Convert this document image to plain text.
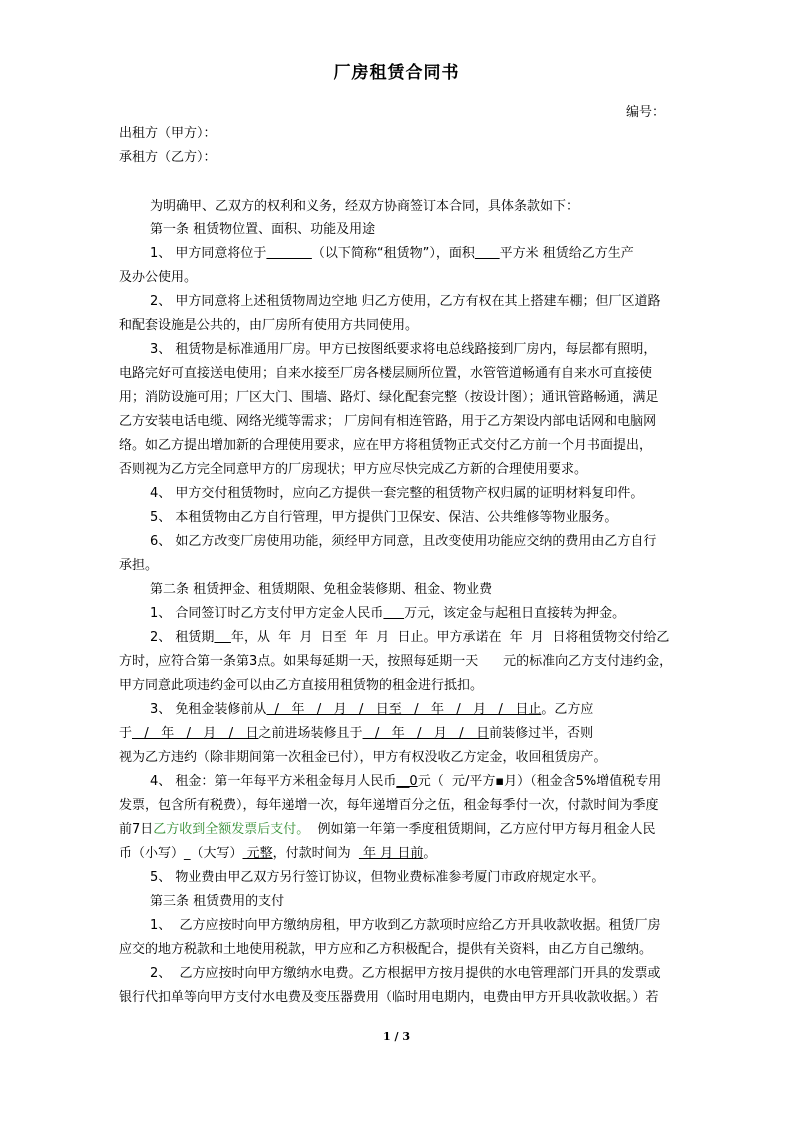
厂房租赁合同书
编号：
出租方（甲方）：
承租方（乙方）：
为明确甲、乙双方的权利和义务，经双方协商签订本合同，具体条款如下：
第一条 租赁物位置、面积、功能及用途
1、 甲方同意将位于	（以下简称“租赁物”），面积 平方米 租赁给乙方生产
及办公使用。
2、 甲方同意将上述租赁物周边空地 归乙方使用，乙方有权在其上搭建车棚；但厂区道路
和配套设施是公共的，由厂房所有使用方共同使用。
3、 租赁物是标准通用厂房。甲方已按图纸要求将电总线路接到厂房内，每层都有照明，
电路完好可直接送电使用；自来水接至厂房各楼层厕所位置，水管管道畅通有自来水可直接使
用；消防设施可用；厂区大门、围墙、路灯、绿化配套完整（按设计图）；通讯管路畅通，满足
乙方安装电话电缆、网络光缆等需求； 厂房间有相连管路，用于乙方架设内部电话网和电脑网
络。如乙方提出增加新的合理使用要求，应在甲方将租赁物正式交付乙方前一个月书面提出，
否则视为乙方完全同意甲方的厂房现状；甲方应尽快完成乙方新的合理使用要求。
4、 甲方交付租赁物时，应向乙方提供一套完整的租赁物产权归属的证明材料复印件。
5、 本租赁物由乙方自行管理，甲方提供门卫保安、保洁、公共维修等物业服务。
6、 如乙方改变厂房使用功能，须经甲方同意，且改变使用功能应交纳的费用由乙方自行
承担。
第二条 租赁押金、租赁期限、免租金装修期、租金、物业费
1、 合同签订时乙方支付甲方定金人民币 万元，该定金与起租日直接转为押金。
2、 租赁期 年，从  年  月  日至  年  月  日止。甲方承诺在  年  月  日将租赁物交付给乙
方时，应符合第一条第3点。如果每延期一天，按照每延期一天      元的标准向乙方支付违约金，
甲方同意此项违约金可以由乙方直接用租赁物的租金进行抵扣。
3、 免租金装修前从  /   年   /   月   /   日至   /   年   /   月   /   日止。乙方应
于   /   年   /   月   /   日之前进场装修且于   /   年   /   月   /   日前装修过半，否则
视为乙方违约（除非期间第一次租金已付），甲方有权没收乙方定金，收回租赁房产。
4、 租金：第一年每平方米租金每月人民币__0元（  元/平方▪月）（租金含5%增值税专用
发票，包含所有税费），每年递增一次，每年递增百分之伍，租金每季付一次，付款时间为季度
前7日乙方收到全额发票后支付。  例如第一年第一季度租赁期间，乙方应付甲方每月租金人民
币（小写）_（大写） 元整，付款时间为   年 月 日前。
5、 物业费由甲乙双方另行签订协议，但物业费标准参考厦门市政府规定水平。
第三条 租赁费用的支付
1、  乙方应按时向甲方缴纳房租，甲方收到乙方款项时应给乙方开具收款收据。租赁厂房
应交的地方税款和土地使用税款，甲方应和乙方积极配合，提供有关资料，由乙方自己缴纳。
2、  乙方应按时向甲方缴纳水电费。乙方根据甲方按月提供的水电管理部门开具的发票或
银行代扣单等向甲方支付水电费及变压器费用（临时用电期内，电费由甲方开具收款收据。）若
1 / 3
